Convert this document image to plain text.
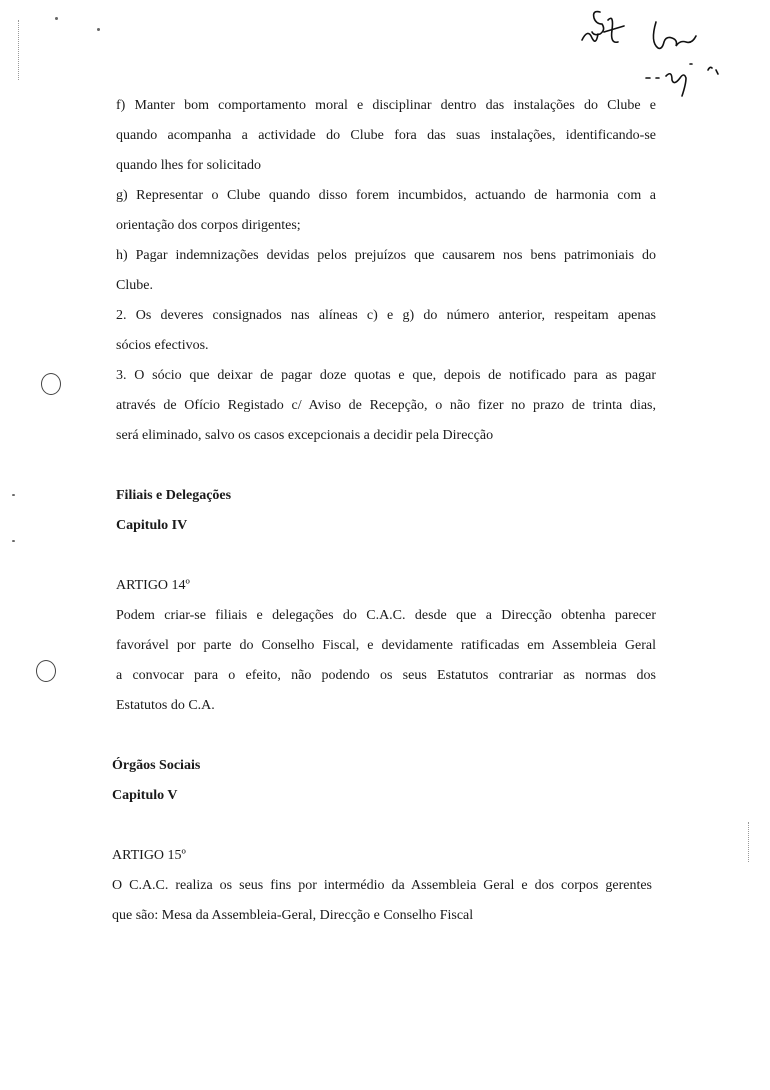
f) Manter bom comportamento moral e disciplinar dentro das instalações do Clube e
quando acompanha a actividade do Clube fora das suas instalações, identificando-se
quando lhes for solicitado
g) Representar o Clube quando disso forem incumbidos, actuando de harmonia com a
orientação dos corpos dirigentes;
h) Pagar indemnizações devidas pelos prejuízos que causarem nos bens patrimoniais do
Clube.
2. Os deveres consignados nas alíneas c) e g) do número anterior, respeitam apenas
sócios efectivos.
3. O sócio que deixar de pagar doze quotas e que, depois de notificado para as pagar
através de Ofício Registado c/ Aviso de Recepção, o não fizer no prazo de trinta dias,
será eliminado, salvo os casos excepcionais a decidir pela Direcção
Filiais e Delegações
Capitulo IV
ARTIGO 14º
Podem criar-se filiais e delegações do C.A.C. desde que a Direcção obtenha parecer
favorável por parte do Conselho Fiscal, e devidamente ratificadas em Assembleia Geral
a convocar para o efeito, não podendo os seus Estatutos contrariar as normas dos
Estatutos do C.A.
Órgãos Sociais
Capitulo V
ARTIGO 15º
O C.A.C. realiza os seus fins por intermédio da Assembleia Geral e dos corpos gerentes
que são: Mesa da Assembleia-Geral, Direcção e Conselho Fiscal
